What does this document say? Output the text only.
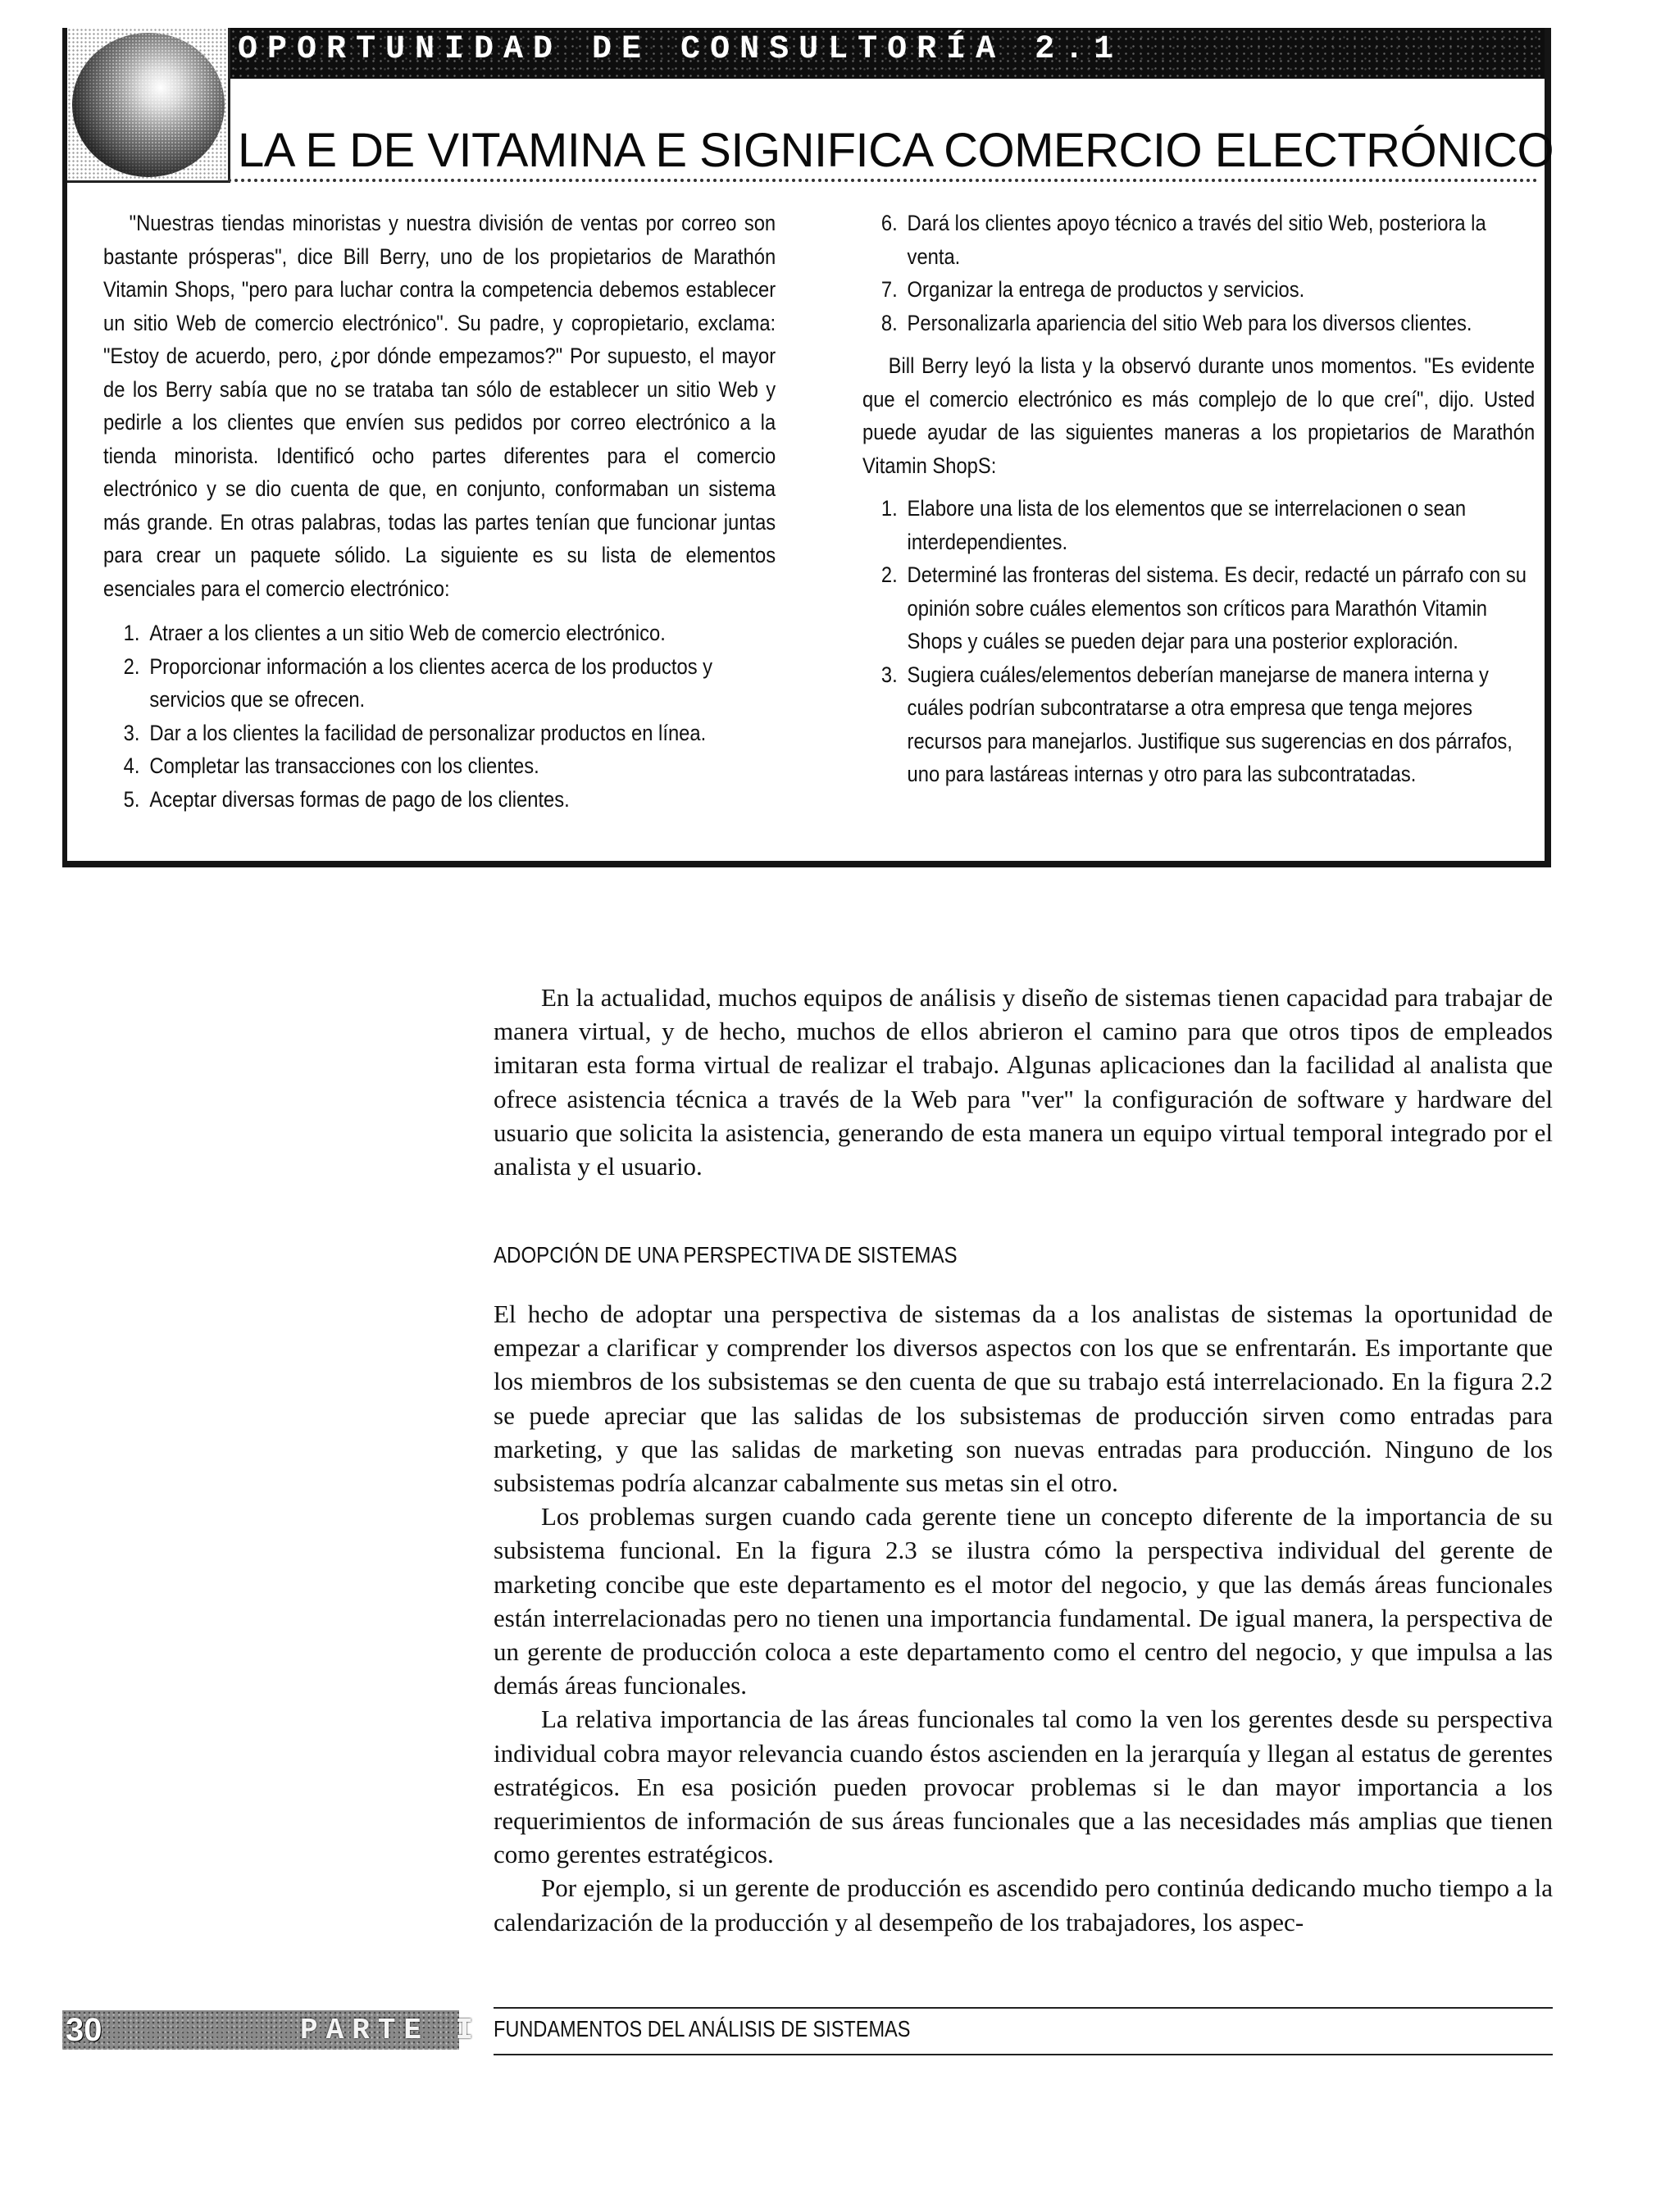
OPORTUNIDAD DE CONSULTORÍA 2.1
LA E DE VITAMINA E SIGNIFICA COMERCIO ELECTRÓNICO

"Nuestras tiendas minoristas y nuestra división de ventas por correo son bastante prósperas", dice Bill Berry, uno de los propietarios de Marathón Vitamin Shops, "pero para luchar contra la competencia debemos establecer un sitio Web de comercio electrónico". Su padre, y copropietario, exclama: "Estoy de acuerdo, pero, ¿por dónde empezamos?" Por supuesto, el mayor de los Berry sabía que no se trataba tan sólo de establecer un sitio Web y pedirle a los clientes que envíen sus pedidos por correo electrónico a la tienda minorista. Identificó ocho partes diferentes para el comercio electrónico y se dio cuenta de que, en conjunto, conformaban un sistema más grande. En otras palabras, todas las partes tenían que funcionar juntas para crear un paquete sólido. La siguiente es su lista de elementos esenciales para el comercio electrónico:

1. Atraer a los clientes a un sitio Web de comercio electrónico.
2. Proporcionar información a los clientes acerca de los productos y servicios que se ofrecen.
3. Dar a los clientes la facilidad de personalizar productos en línea.
4. Completar las transacciones con los clientes.
5. Aceptar diversas formas de pago de los clientes.
6. Dará los clientes apoyo técnico a través del sitio Web, posteriora la venta.
7. Organizar la entrega de productos y servicios.
8. Personalizarla apariencia del sitio Web para los diversos clientes.

Bill Berry leyó la lista y la observó durante unos momentos. "Es evidente que el comercio electrónico es más complejo de lo que creí", dijo. Usted puede ayudar de las siguientes maneras a los propietarios de Marathón Vitamin ShopS:

1. Elabore una lista de los elementos que se interrelacionen o sean interdependientes.
2. Determiné las fronteras del sistema. Es decir, redacté un párrafo con su opinión sobre cuáles elementos son críticos para Marathón Vitamin Shops y cuáles se pueden dejar para una posterior exploración.
3. Sugiera cuáles/elementos deberían manejarse de manera interna y cuáles podrían subcontratarse a otra empresa que tenga mejores recursos para manejarlos. Justifique sus sugerencias en dos párrafos, uno para lastáreas internas y otro para las subcontratadas.

En la actualidad, muchos equipos de análisis y diseño de sistemas tienen capacidad para trabajar de manera virtual, y de hecho, muchos de ellos abrieron el camino para que otros tipos de empleados imitaran esta forma virtual de realizar el trabajo. Algunas aplicaciones dan la facilidad al analista que ofrece asistencia técnica a través de la Web para "ver" la configuración de software y hardware del usuario que solicita la asistencia, generando de esta manera un equipo virtual temporal integrado por el analista y el usuario.

ADOPCIÓN DE UNA PERSPECTIVA DE SISTEMAS

El hecho de adoptar una perspectiva de sistemas da a los analistas de sistemas la oportunidad de empezar a clarificar y comprender los diversos aspectos con los que se enfrentarán. Es importante que los miembros de los subsistemas se den cuenta de que su trabajo está interrelacionado. En la figura 2.2 se puede apreciar que las salidas de los subsistemas de producción sirven como entradas para marketing, y que las salidas de marketing son nuevas entradas para producción. Ninguno de los subsistemas podría alcanzar cabalmente sus metas sin el otro.

Los problemas surgen cuando cada gerente tiene un concepto diferente de la importancia de su subsistema funcional. En la figura 2.3 se ilustra cómo la perspectiva individual del gerente de marketing concibe que este departamento es el motor del negocio, y que las demás áreas funcionales están interrelacionadas pero no tienen una importancia fundamental. De igual manera, la perspectiva de un gerente de producción coloca a este departamento como el centro del negocio, y que impulsa a las demás áreas funcionales.

La relativa importancia de las áreas funcionales tal como la ven los gerentes desde su perspectiva individual cobra mayor relevancia cuando éstos ascienden en la jerarquía y llegan al estatus de gerentes estratégicos. En esa posición pueden provocar problemas si le dan mayor importancia a los requerimientos de información de sus áreas funcionales que a las necesidades más amplias que tienen como gerentes estratégicos.

Por ejemplo, si un gerente de producción es ascendido pero continúa dedicando mucho tiempo a la calendarización de la producción y al desempeño de los trabajadores, los aspec-

30	PARTE I FUNDAMENTOS DEL ANÁLISIS DE SISTEMAS
